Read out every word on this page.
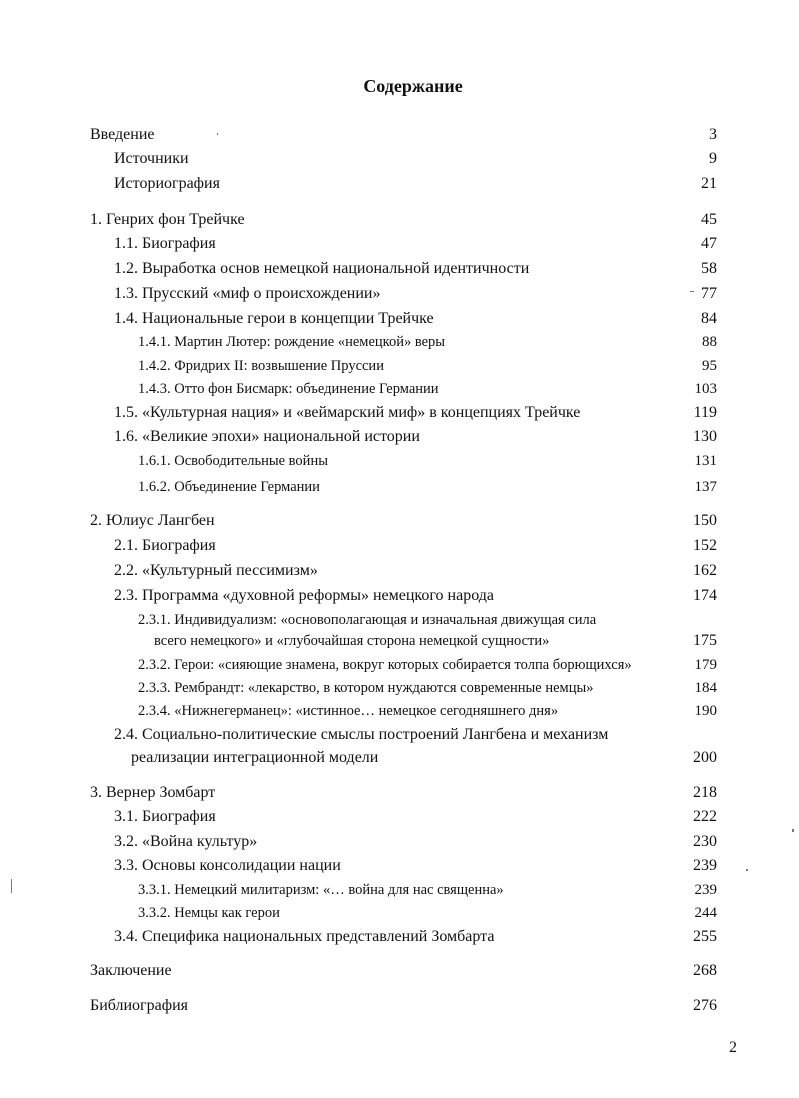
Содержание
Введение	3
Источники	9
Историография	21
1. Генрих фон Трейчке	45
1.1. Биография	47
1.2. Выработка основ немецкой национальной идентичности	58
1.3. Прусский «миф о происхождении»	77
1.4. Национальные герои в концепции Трейчке	84
1.4.1. Мартин Лютер: рождение «немецкой» веры	88
1.4.2. Фридрих II: возвышение Пруссии	95
1.4.3. Отто фон Бисмарк: объединение Германии	103
1.5. «Культурная нация» и «веймарский миф» в концепциях Трейчке	119
1.6. «Великие эпохи» национальной истории	130
1.6.1. Освободительные войны	131
1.6.2. Объединение Германии	137
2. Юлиус Лангбен	150
2.1. Биография	152
2.2. «Культурный пессимизм»	162
2.3. Программа «духовной реформы» немецкого народа	174
2.3.1. Индивидуализм: «основополагающая и изначальная движущая сила
всего немецкого» и «глубочайшая сторона немецкой сущности»	175
2.3.2. Герои: «сияющие знамена, вокруг которых собирается толпа борющихся»	179
2.3.3. Рембрандт: «лекарство, в котором нуждаются современные немцы»	184
2.3.4. «Нижнегерманец»: «истинное… немецкое сегодняшнего дня»	190
2.4. Социально-политические смыслы построений Лангбена и механизм
реализации интеграционной модели	200
3. Вернер Зомбарт	218
3.1. Биография	222
3.2. «Война культур»	230
3.3. Основы консолидации нации	239
3.3.1. Немецкий милитаризм: «… война для нас священна»	239
3.3.2. Немцы как герои	244
3.4. Специфика национальных представлений Зомбарта	255
Заключение	268
Библиография	276
2
